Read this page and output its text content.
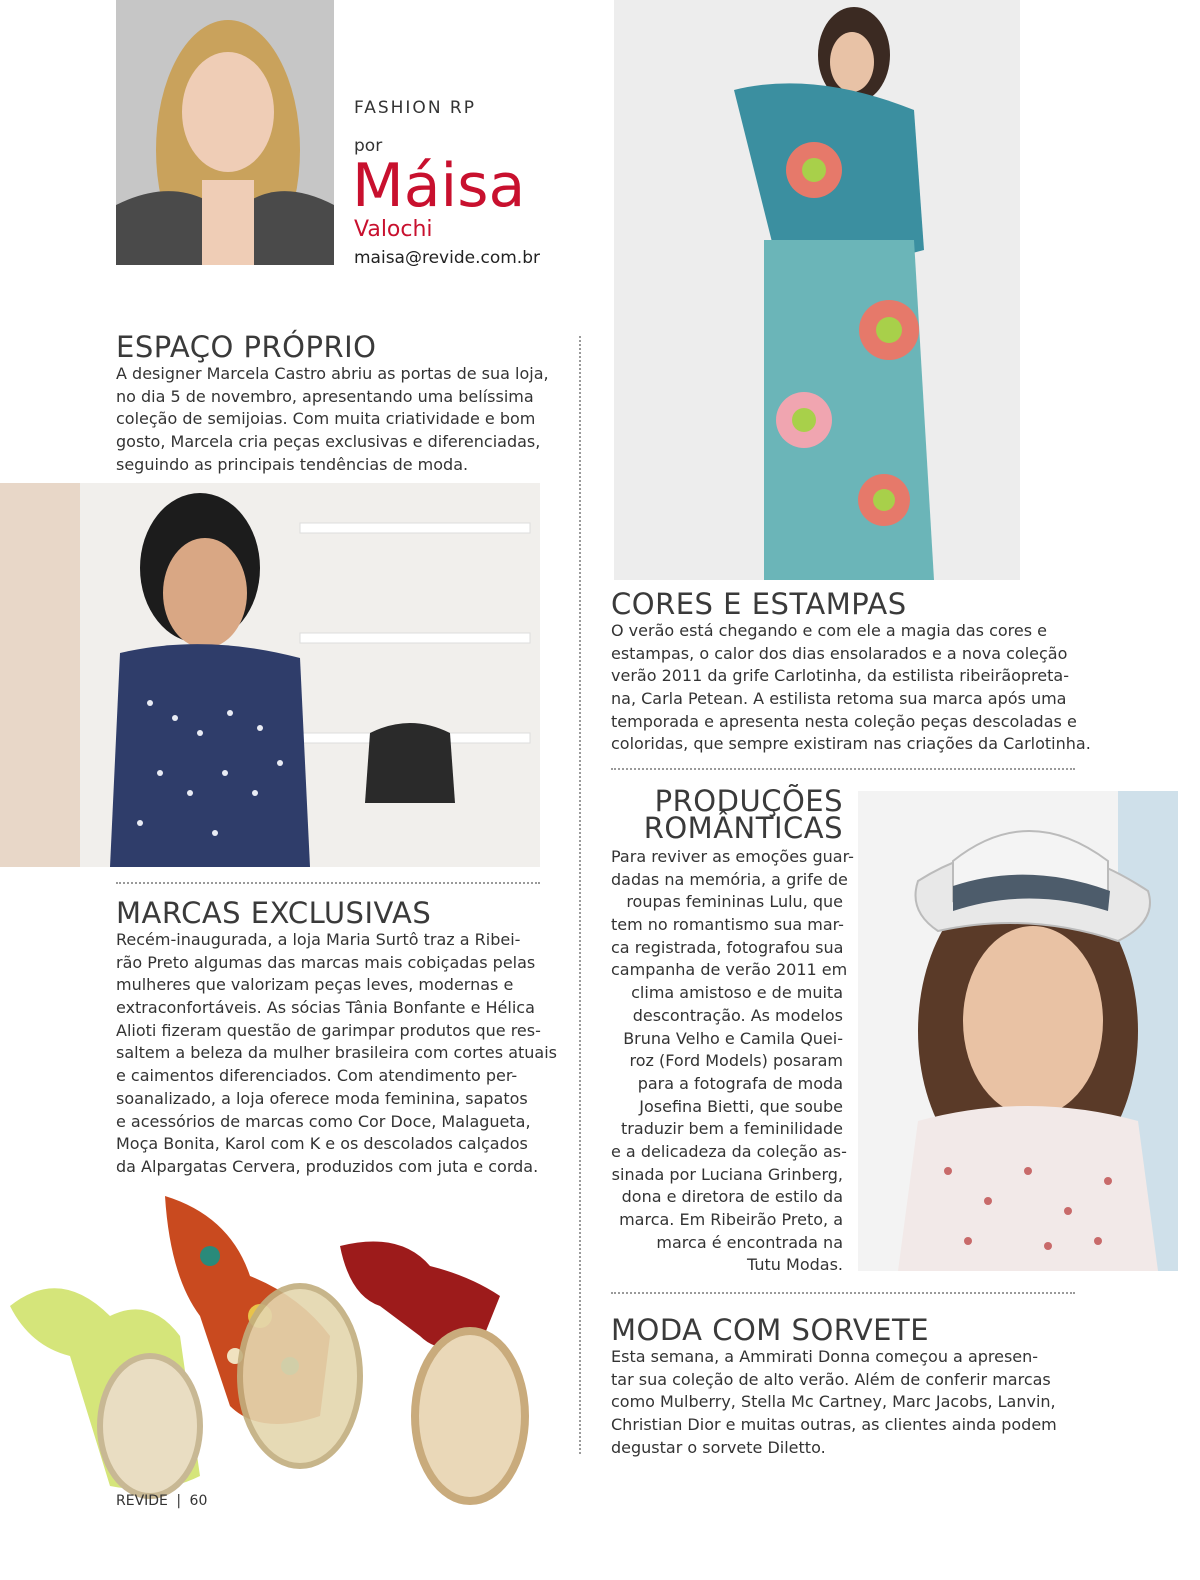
FASHION RP
por
Máisa
Valochi
maisa@revide.com.br
ESPAÇO PRÓPRIO
A designer Marcela Castro abriu as portas de sua loja,
no dia 5 de novembro, apresentando uma belíssima
coleção de semijoias. Com muita criatividade e bom
gosto, Marcela cria peças exclusivas e diferenciadas,
seguindo as principais tendências de moda.
MARCAS EXCLUSIVAS
Recém-inaugurada, a loja Maria Surtô traz a Ribei-
rão Preto algumas das marcas mais cobiçadas pelas
mulheres que valorizam peças leves, modernas e
extraconfortáveis. As sócias Tânia Bonfante e Hélica
Alioti fizeram questão de garimpar produtos que res-
saltem a beleza da mulher brasileira com cortes atuais
e caimentos diferenciados. Com atendimento per-
soanalizado, a loja oferece moda feminina, sapatos
e acessórios de marcas como Cor Doce, Malagueta,
Moça Bonita, Karol com K e os descolados calçados
da Alpargatas Cervera, produzidos com juta e corda.
REVIDE | 60
CORES E ESTAMPAS
O verão está chegando e com ele a magia das cores e
estampas, o calor dos dias ensolarados e a nova coleção
verão 2011 da grife Carlotinha, da estilista ribeirãopreta-
na, Carla Petean. A estilista retoma sua marca após uma
temporada e apresenta nesta coleção peças descoladas e
coloridas, que sempre existiram nas criações da Carlotinha.
PRODUÇÕES
ROMÂNTICAS
Para reviver as emoções guar-
dadas na memória, a grife de
roupas femininas Lulu, que
tem no romantismo sua mar-
ca registrada, fotografou sua
campanha de verão 2011 em
clima amistoso e de muita
descontração. As modelos
Bruna Velho e Camila Quei-
roz (Ford Models) posaram
para a fotografa de moda
Josefina Bietti, que soube
traduzir bem a feminilidade
e a delicadeza da coleção as-
sinada por Luciana Grinberg,
dona e diretora de estilo da
marca. Em Ribeirão Preto, a
marca é encontrada na
Tutu Modas.
MODA COM SORVETE
Esta semana, a Ammirati Donna começou a apresen-
tar sua coleção de alto verão. Além de conferir marcas
como Mulberry, Stella Mc Cartney, Marc Jacobs, Lanvin,
Christian Dior e muitas outras, as clientes ainda podem
degustar o sorvete Diletto.
